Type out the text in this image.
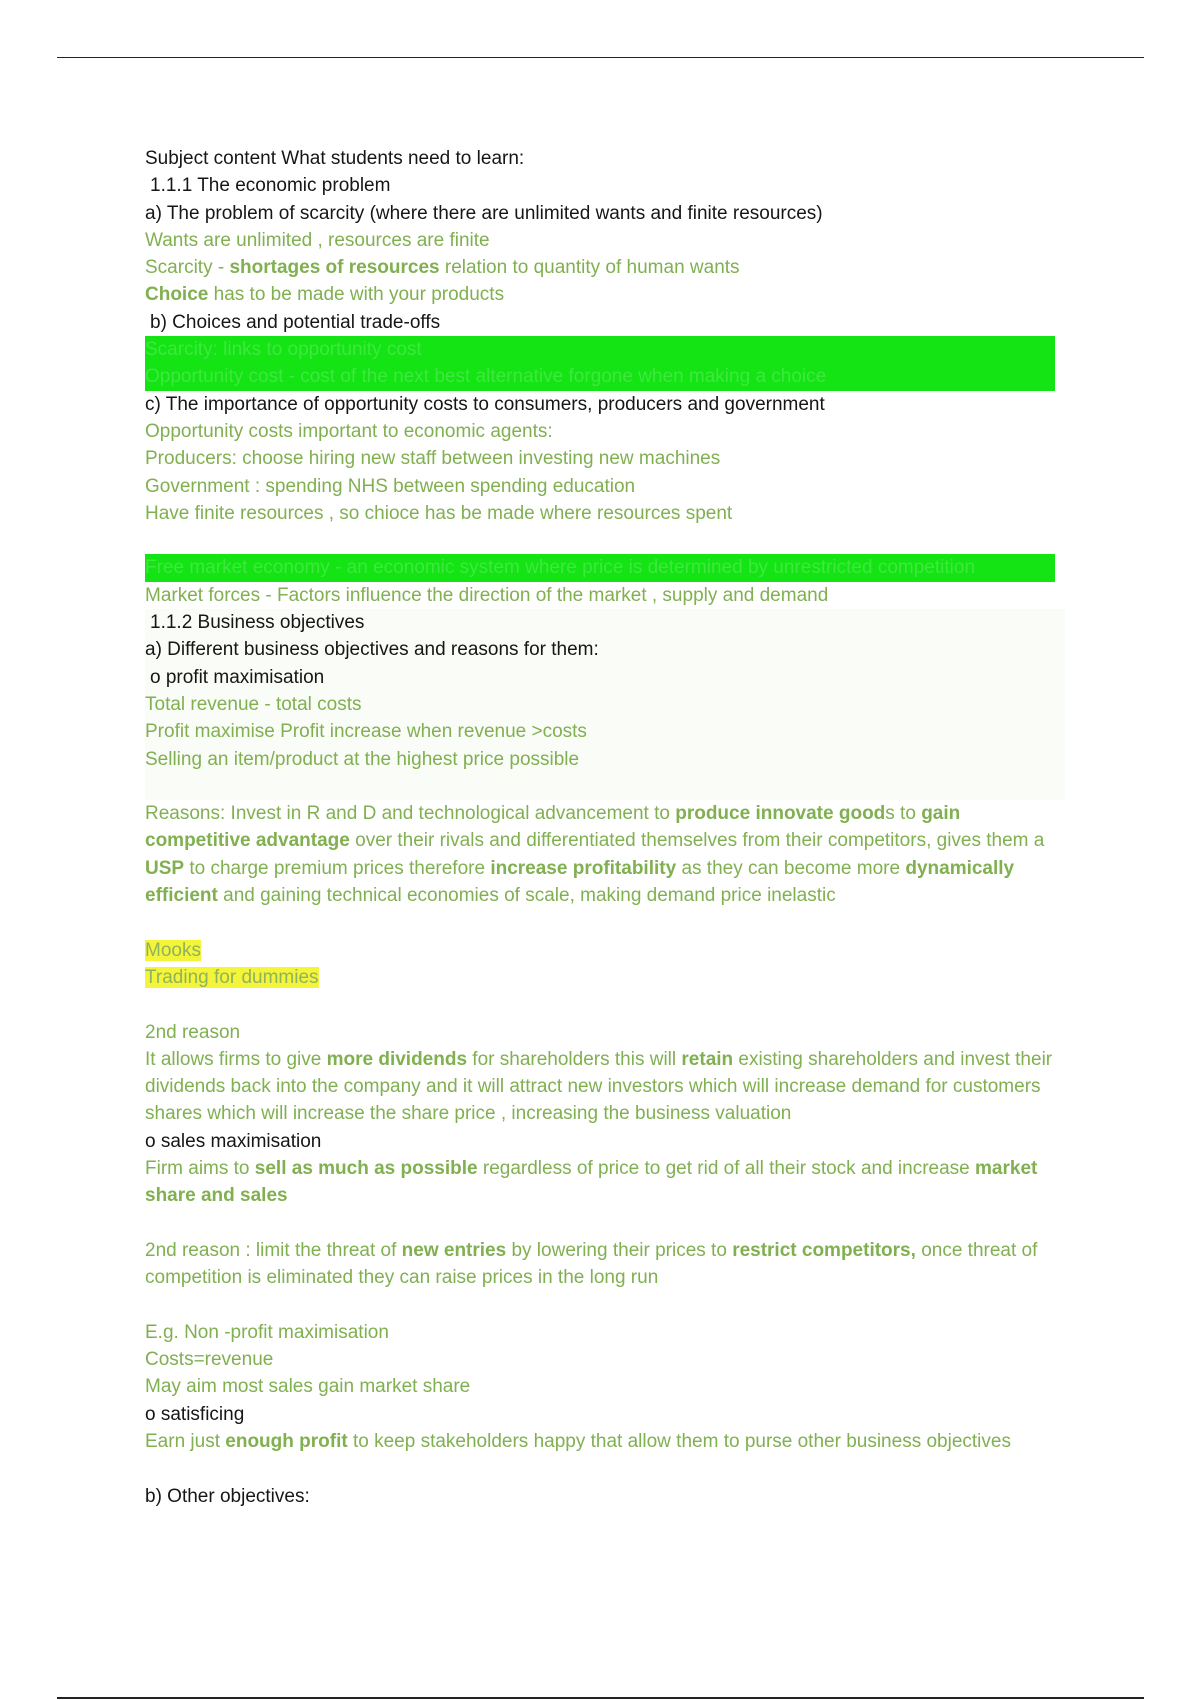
Subject content What students need to learn:

1.1.1 The economic problem

a) The problem of scarcity (where there are unlimited wants and finite resources)

Wants are unlimited , resources are finite

Scarcity - shortages of resources relation to quantity of human wants

Choice has to be made with your products

b) Choices and potential trade-offs

Scarcity: links to opportunity cost

Opportunity cost - cost of the next best alternative forgone when making a choice

c) The importance of opportunity costs to consumers, producers and government

Opportunity costs important to economic agents:

Producers: choose hiring new staff between investing new machines

Government : spending NHS between spending education

Have finite resources , so chioce has be made where resources spent

Free market economy - an economic system where price is determined by unrestricted competition

Market forces - Factors influence the direction of the market , supply and demand

1.1.2 Business objectives

a) Different business objectives and reasons for them:

o profit maximisation

Total revenue - total costs

Profit maximise Profit increase when revenue >costs

Selling an item/product at the highest price possible

Reasons: Invest in R and D and technological advancement to produce innovate goods to gain competitive advantage over their rivals and differentiated themselves from their competitors, gives them a USP to charge premium prices therefore increase profitability as they can become more dynamically efficient and gaining technical economies of scale, making demand price inelastic

Mooks

Trading for dummies

2nd reason

It allows firms to give more dividends for shareholders this will retain existing shareholders and invest their dividends back into the company and it will attract new investors which will increase demand for customers shares which will increase the share price , increasing the business valuation

o sales maximisation

Firm aims to sell as much as possible regardless of price to get rid of all their stock and increase market share and sales

2nd reason : limit the threat of new entries by lowering their prices to restrict competitors, once threat of competition is eliminated they can raise prices in the long run

E.g. Non -profit maximisation

Costs=revenue

May aim most sales gain market share

o satisficing

Earn just enough profit to keep stakeholders happy that allow them to purse other business objectives

b) Other objectives:
